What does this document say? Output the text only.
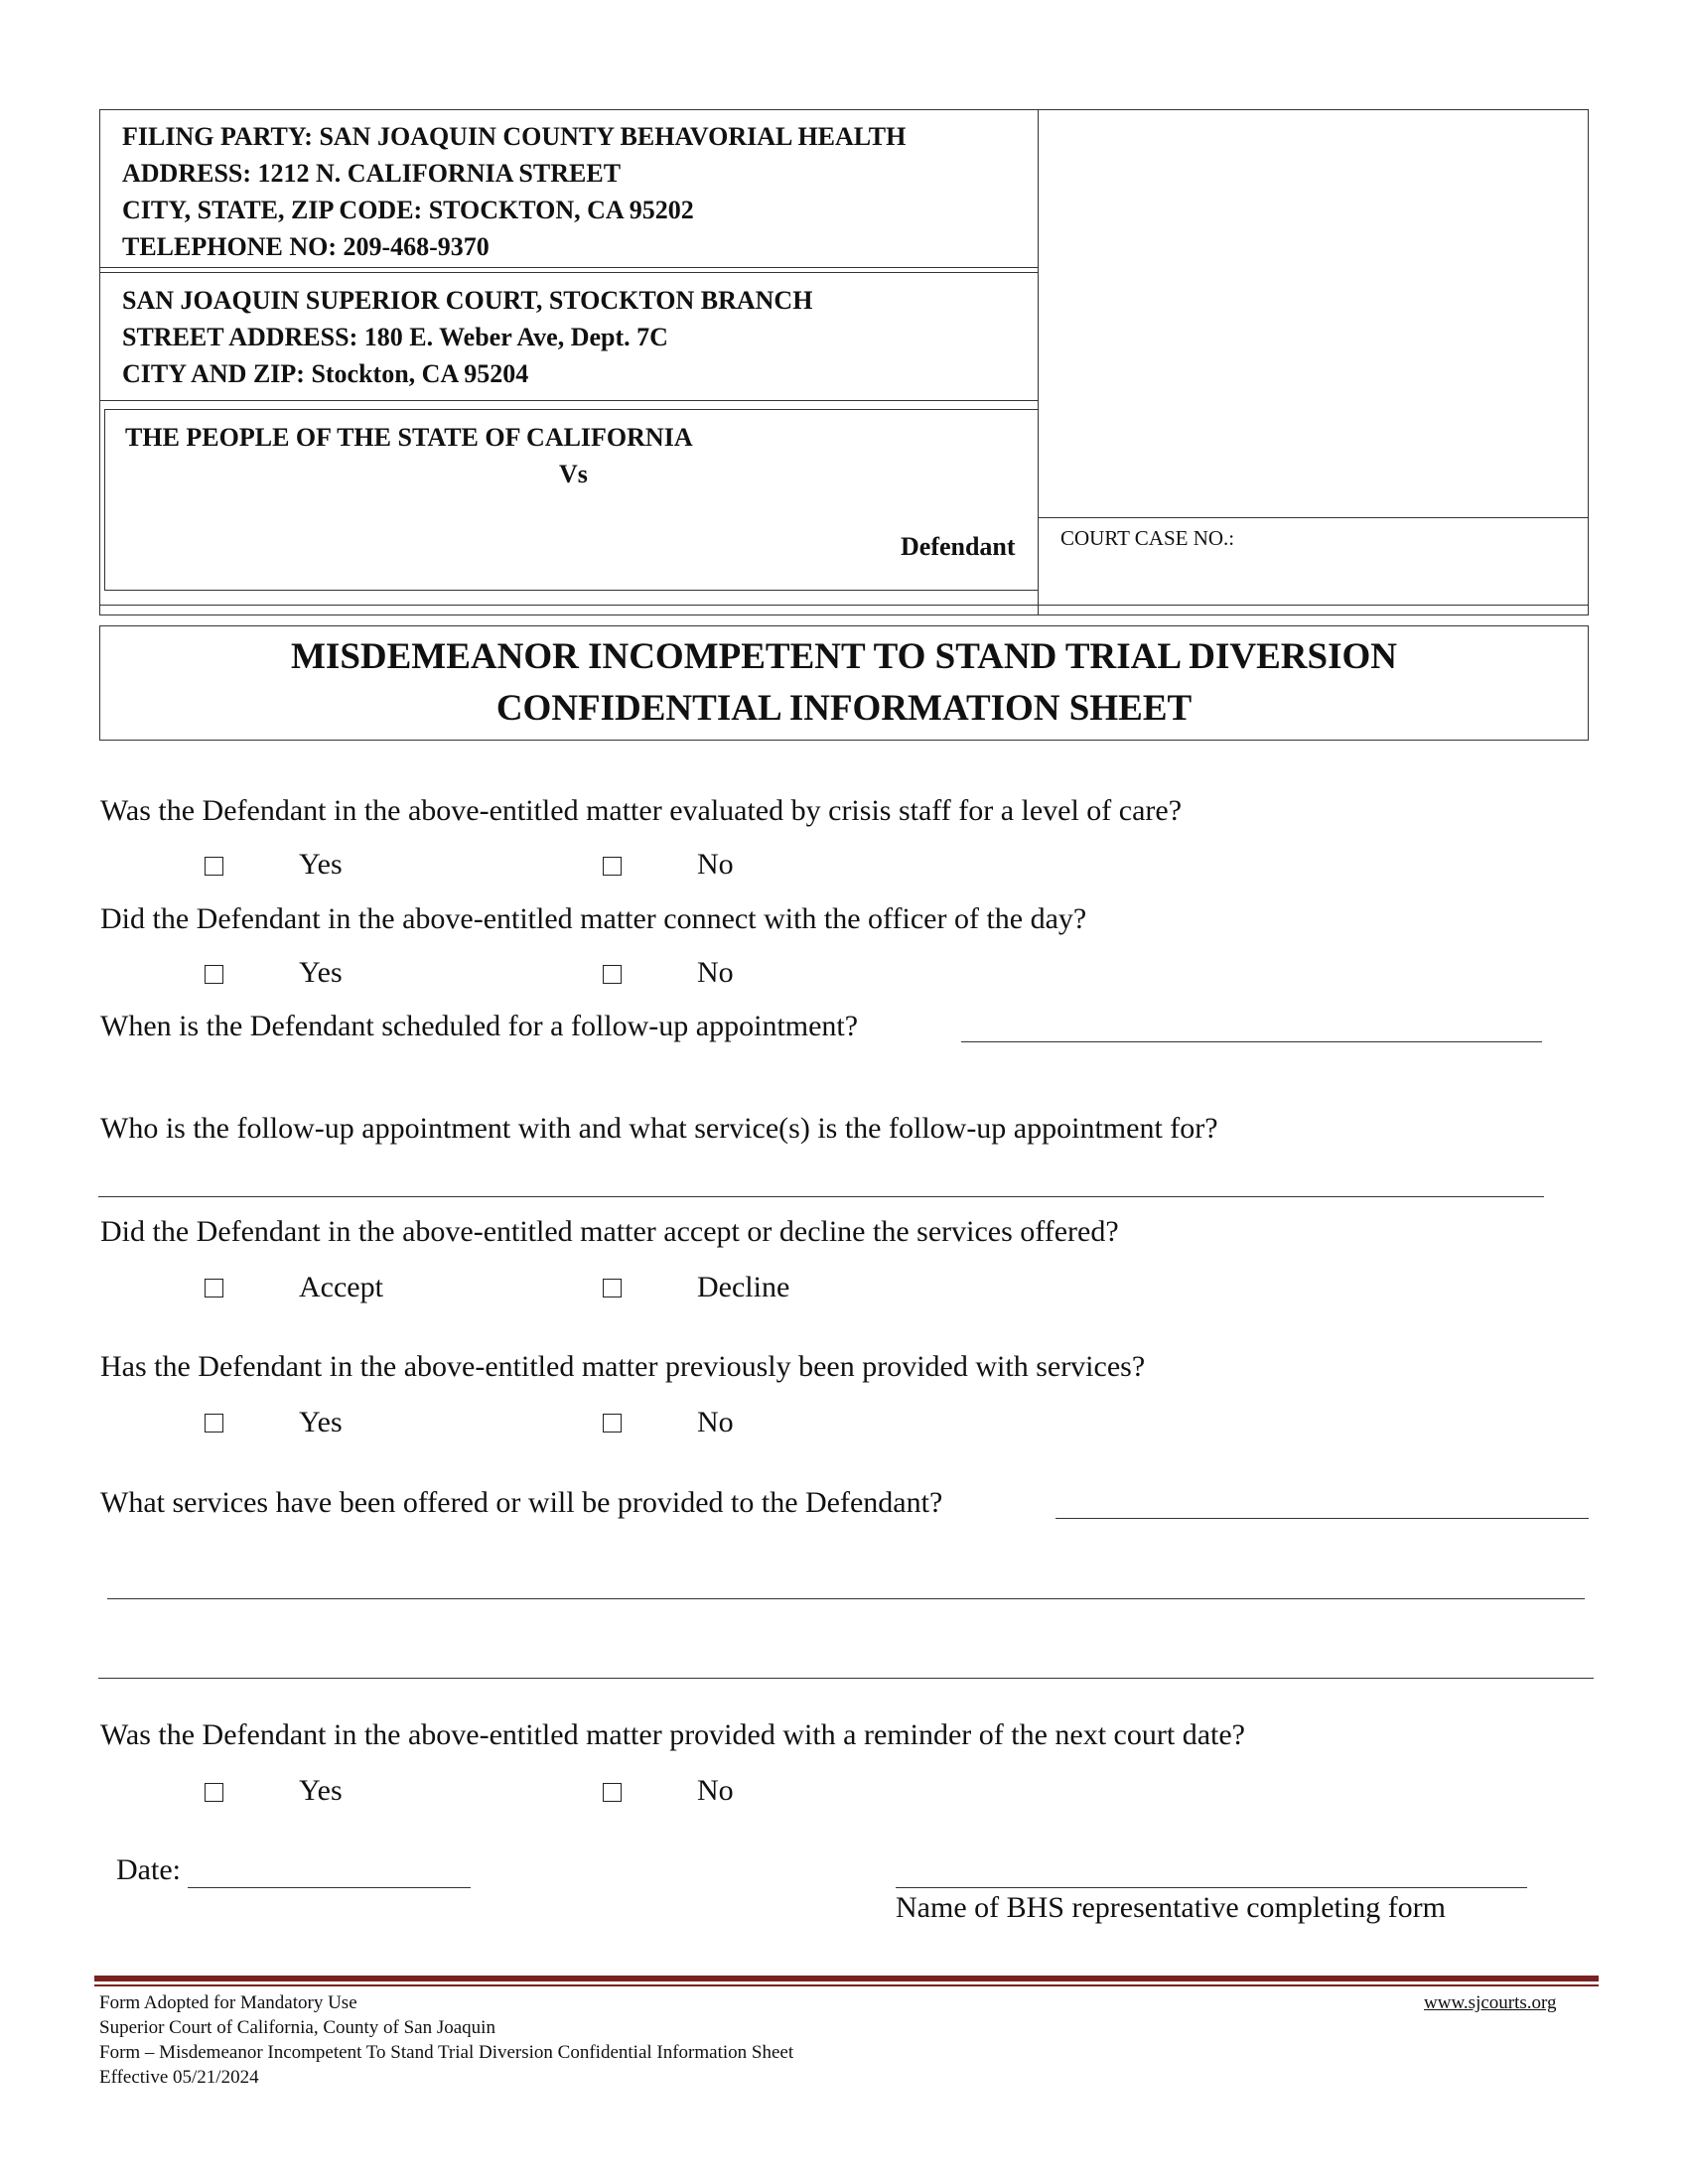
FILING PARTY: SAN JOAQUIN COUNTY BEHAVORIAL HEALTH
ADDRESS: 1212 N. CALIFORNIA STREET
CITY, STATE, ZIP CODE: STOCKTON, CA 95202
TELEPHONE NO: 209-468-9370
SAN JOAQUIN SUPERIOR COURT, STOCKTON BRANCH
STREET ADDRESS: 180 E. Weber Ave, Dept. 7C
CITY AND ZIP: Stockton, CA 95204
THE PEOPLE OF THE STATE OF CALIFORNIA
Vs
Defendant COURT CASE NO.:
MISDEMEANOR INCOMPETENT TO STAND TRIAL DIVERSION
CONFIDENTIAL INFORMATION SHEET
Was the Defendant in the above-entitled matter evaluated by crisis staff for a level of care?
Yes	No
Did the Defendant in the above-entitled matter connect with the officer of the day?
Yes	No
When is the Defendant scheduled for a follow-up appointment?
Who is the follow-up appointment with and what service(s) is the follow-up appointment for?
Did the Defendant in the above-entitled matter accept or decline the services offered?
Accept	Decline
Has the Defendant in the above-entitled matter previously been provided with services?
Yes	No
What services have been offered or will be provided to the Defendant?
Was the Defendant in the above-entitled matter provided with a reminder of the next court date?
Yes	No
Date:
Name of BHS representative completing form
Form Adopted for Mandatory Use
Superior Court of California, County of San Joaquin
Form – Misdemeanor Incompetent To Stand Trial Diversion Confidential Information Sheet
Effective 05/21/2024
www.sjcourts.org
